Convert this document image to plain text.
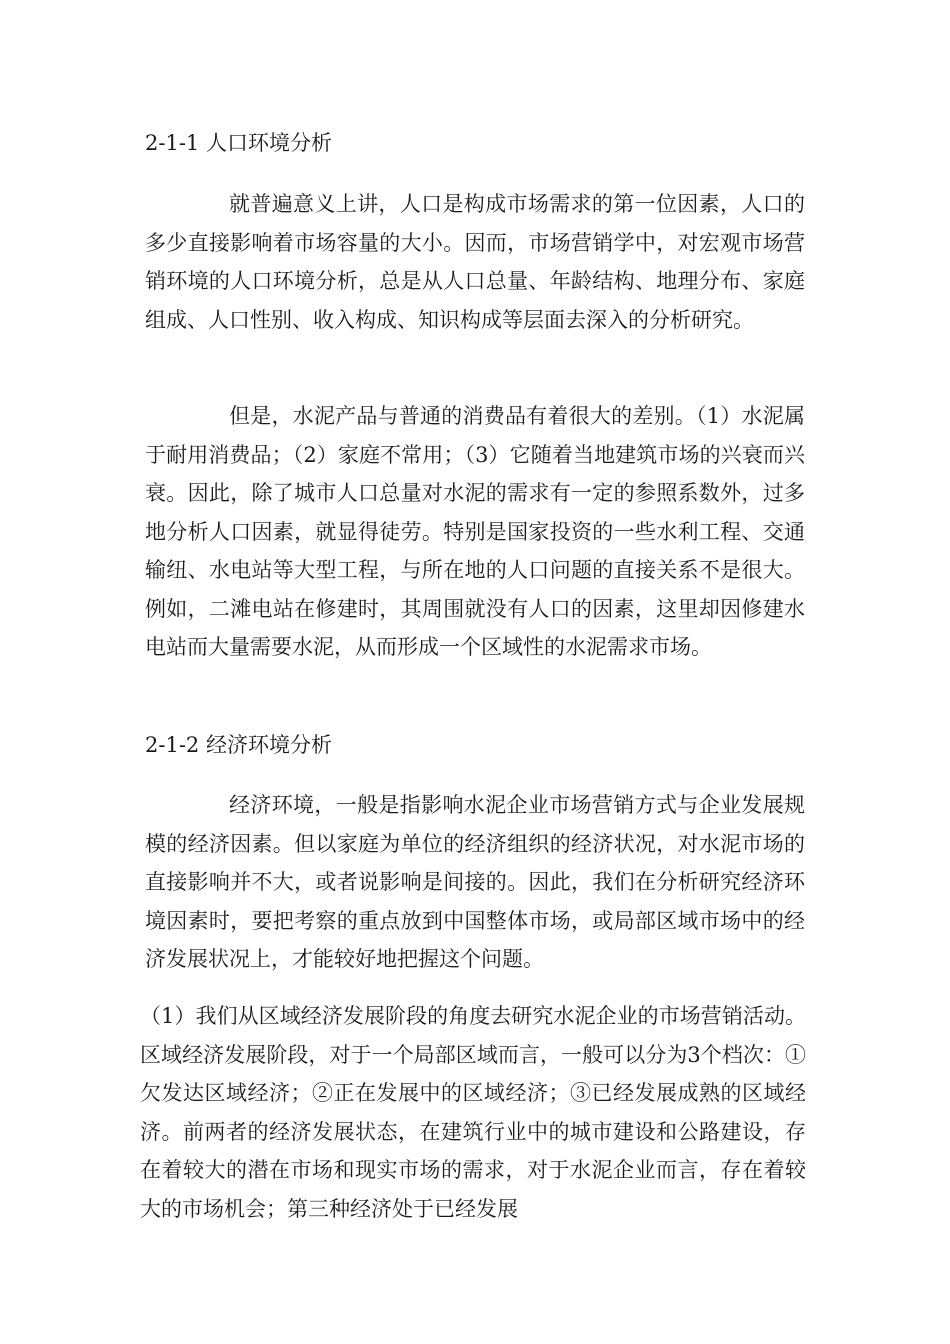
2-1-1 人口环境分析

就普遍意义上讲，人口是构成市场需求的第一位因素，人口的多少直接影响着市场容量的大小。因而，市场营销学中，对宏观市场营销环境的人口环境分析，总是从人口总量、年龄结构、地理分布、家庭组成、人口性别、收入构成、知识构成等层面去深入的分析研究。

但是，水泥产品与普通的消费品有着很大的差别。（1）水泥属于耐用消费品；（2）家庭不常用；（3）它随着当地建筑市场的兴衰而兴衰。因此，除了城市人口总量对水泥的需求有一定的参照系数外，过多地分析人口因素，就显得徒劳。特别是国家投资的一些水利工程、交通输纽、水电站等大型工程，与所在地的人口问题的直接关系不是很大。例如，二滩电站在修建时，其周围就没有人口的因素，这里却因修建水电站而大量需要水泥，从而形成一个区域性的水泥需求市场。

2-1-2 经济环境分析

经济环境，一般是指影响水泥企业市场营销方式与企业发展规模的经济因素。但以家庭为单位的经济组织的经济状况，对水泥市场的直接影响并不大，或者说影响是间接的。因此，我们在分析研究经济环境因素时，要把考察的重点放到中国整体市场，或局部区域市场中的经济发展状况上，才能较好地把握这个问题。

（1）我们从区域经济发展阶段的角度去研究水泥企业的市场营销活动。区域经济发展阶段，对于一个局部区域而言，一般可以分为3个档次：①欠发达区域经济；②正在发展中的区域经济；③已经发展成熟的区域经济。前两者的经济发展状态，在建筑行业中的城市建设和公路建设，存在着较大的潜在市场和现实市场的需求，对于水泥企业而言，存在着较大的市场机会；第三种经济处于已经发展
